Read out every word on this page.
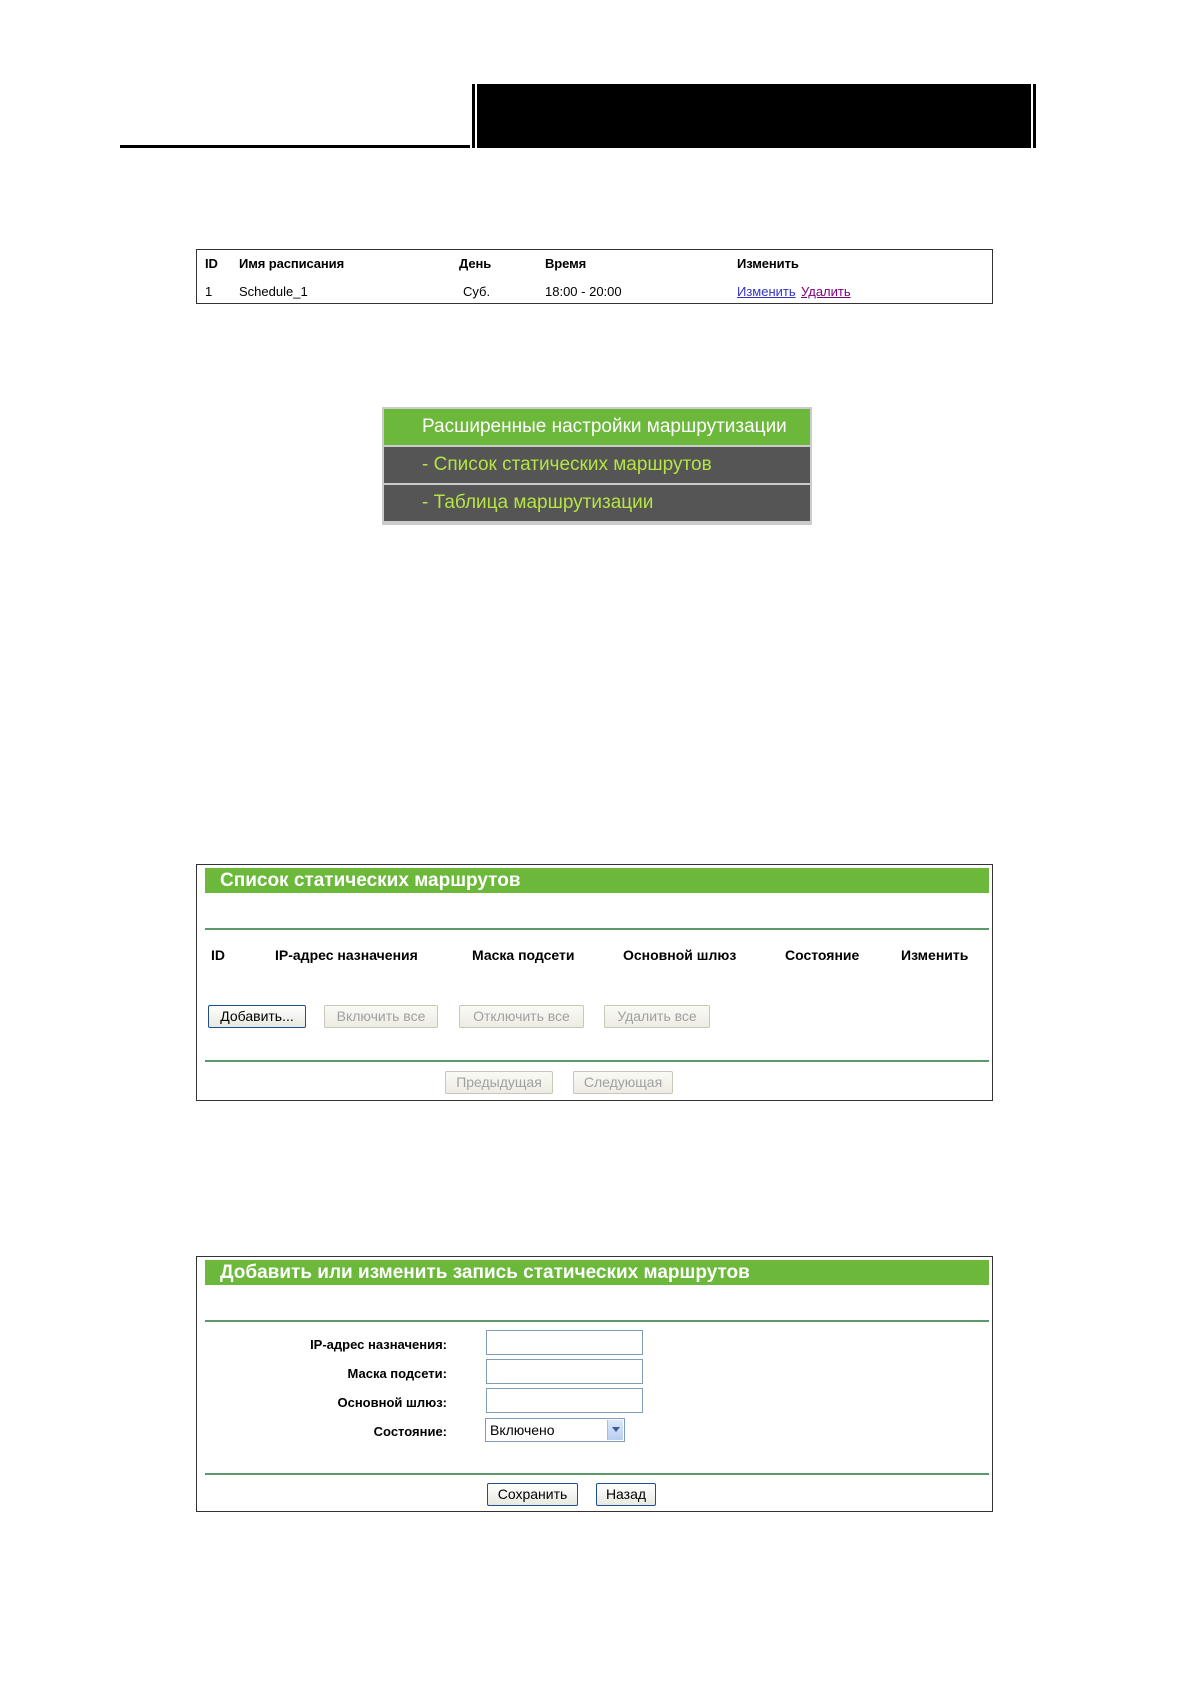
ID Имя расписания	День	Время	Изменить
1 Schedule_1	Суб.	18:00 - 20:00	Изменить Удалить
Расширенные настройки маршрутизации
- Список статических маршрутов
- Таблица маршрутизации
Список статических маршрутов
ID	IP-адрес назначения	Маска подсети	Основной шлюз	Состояние	Изменить
Добавить...	Включить все	Отключить все	Удалить все
Предыдущая	Следующая
Добавить или изменить запись статических маршрутов
IP-адрес назначения:
Маска подсети:
Основной шлюз:
Состояние:	Включено
Сохранить	Назад
